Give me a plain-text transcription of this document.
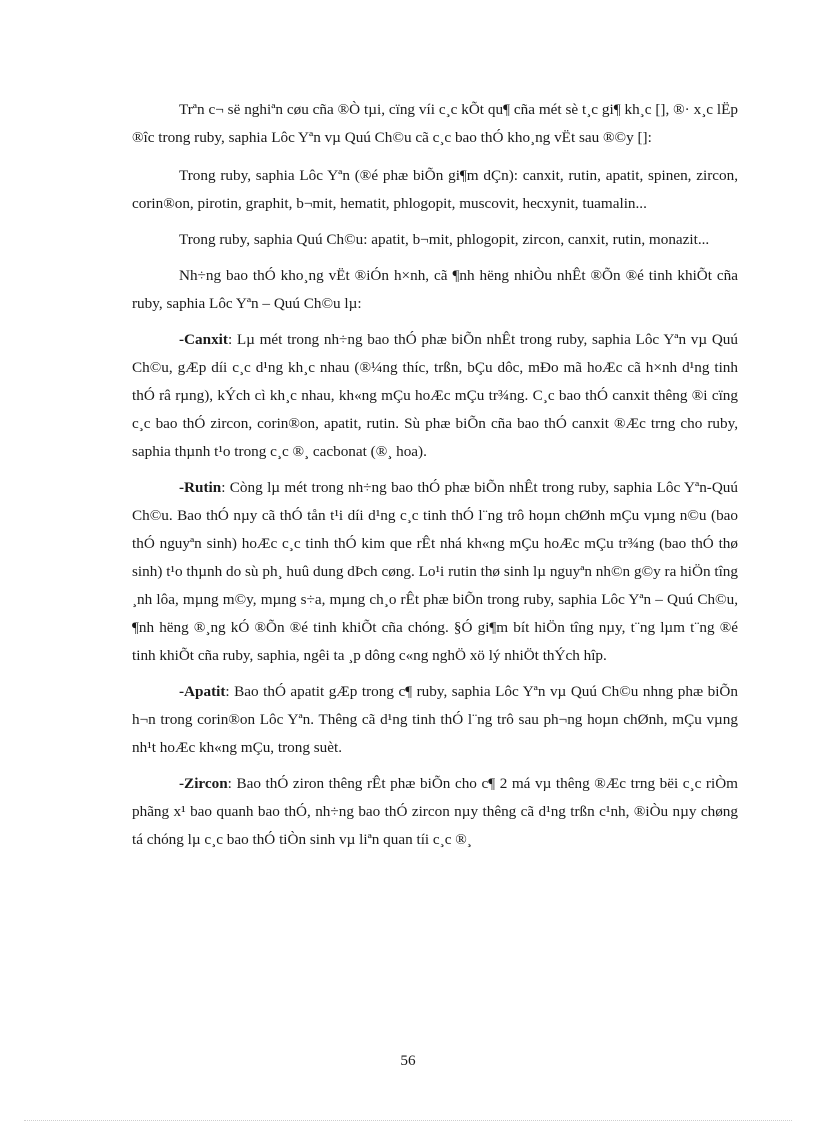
Trªn c¬ së nghiªn cøu cña ®Ò tµi, cïng víi c¸c kÕt qu¶ cña mét sè t¸c gi¶ kh¸c [], ®· x¸c lËp ®îc trong ruby, saphia Lôc Yªn vµ Quú Ch©u cã c¸c bao thÓ kho¸ng vËt sau ®©y []:

Trong ruby, saphia Lôc Yªn (®é phæ biÕn gi¶m dÇn): canxit, rutin, apatit, spinen, zircon, corin®on, pirotin, graphit, b¬mit, hematit, phlogopit, muscovit, hecxynit, tuamalin...

Trong ruby, saphia Quú Ch©u: apatit, b¬mit, phlogopit, zircon, canxit, rutin, monazit...

Nh÷ng bao thÓ kho¸ng vËt ®iÓn h×nh, cã ¶nh hëng nhiÒu nhÊt ®Õn ®é tinh khiÕt cña ruby, saphia Lôc Yªn – Quú Ch©u lµ:

-Canxit: Lµ mét trong nh÷ng bao thÓ phæ biÕn nhÊt trong ruby, saphia Lôc Yªn vµ Quú Ch©u, gÆp díi c¸c d¹ng kh¸c nhau (®¼ng thíc, trßn, bÇu dôc, mÐo mã hoÆc cã h×nh d¹ng tinh thÓ râ rµng), kÝch cì kh¸c nhau, kh«ng mÇu hoÆc mÇu tr¾ng. C¸c bao thÓ canxit thêng ®i cïng c¸c bao thÓ zircon, corin®on, apatit, rutin. Sù phæ biÕn cña bao thÓ canxit ®Æc trng cho ruby, saphia thµnh t¹o trong c¸c ®¸ cacbonat (®¸ hoa).

-Rutin: Còng lµ mét trong nh÷ng bao thÓ phæ biÕn nhÊt trong ruby, saphia Lôc Yªn-Quú Ch©u. Bao thÓ nµy cã thÓ tån t¹i díi d¹ng c¸c tinh thÓ l¨ng trô hoµn chØnh mÇu vµng n©u (bao thÓ nguyªn sinh) hoÆc c¸c tinh thÓ kim que rÊt nhá kh«ng mÇu hoÆc mÇu tr¾ng (bao thÓ thø sinh) t¹o thµnh do sù ph¸ huû dung dÞch cøng. Lo¹i rutin thø sinh lµ nguyªn nh©n g©y ra hiÖn tîng ¸nh lôa, mµng m©y, mµng s÷a, mµng ch¸o rÊt phæ biÕn trong ruby, saphia Lôc Yªn – Quú Ch©u, ¶nh hëng ®¸ng kÓ ®Õn ®é tinh khiÕt cña chóng. §Ó gi¶m bít hiÖn tîng nµy, t¨ng lµm t¨ng ®é tinh khiÕt cña ruby, saphia, ngêi ta ¸p dông c«ng nghÖ xö lý nhiÖt thÝch hîp.

-Apatit: Bao thÓ apatit gÆp trong c¶ ruby, saphia Lôc Yªn vµ Quú Ch©u nhng phæ biÕn h¬n trong corin®on Lôc Yªn. Thêng cã d¹ng tinh thÓ l¨ng trô sau ph¬ng hoµn chØnh, mÇu vµng nh¹t hoÆc kh«ng mÇu, trong suèt.

-Zircon: Bao thÓ ziron thêng rÊt phæ biÕn cho c¶ 2 má vµ thêng ®Æc trng bëi c¸c riÒm phãng x¹ bao quanh bao thÓ, nh÷ng bao thÓ zircon nµy thêng cã d¹ng trßn c¹nh, ®iÒu nµy chøng tá chóng lµ c¸c bao thÓ tiÒn sinh vµ liªn quan tíi c¸c ®¸

56
